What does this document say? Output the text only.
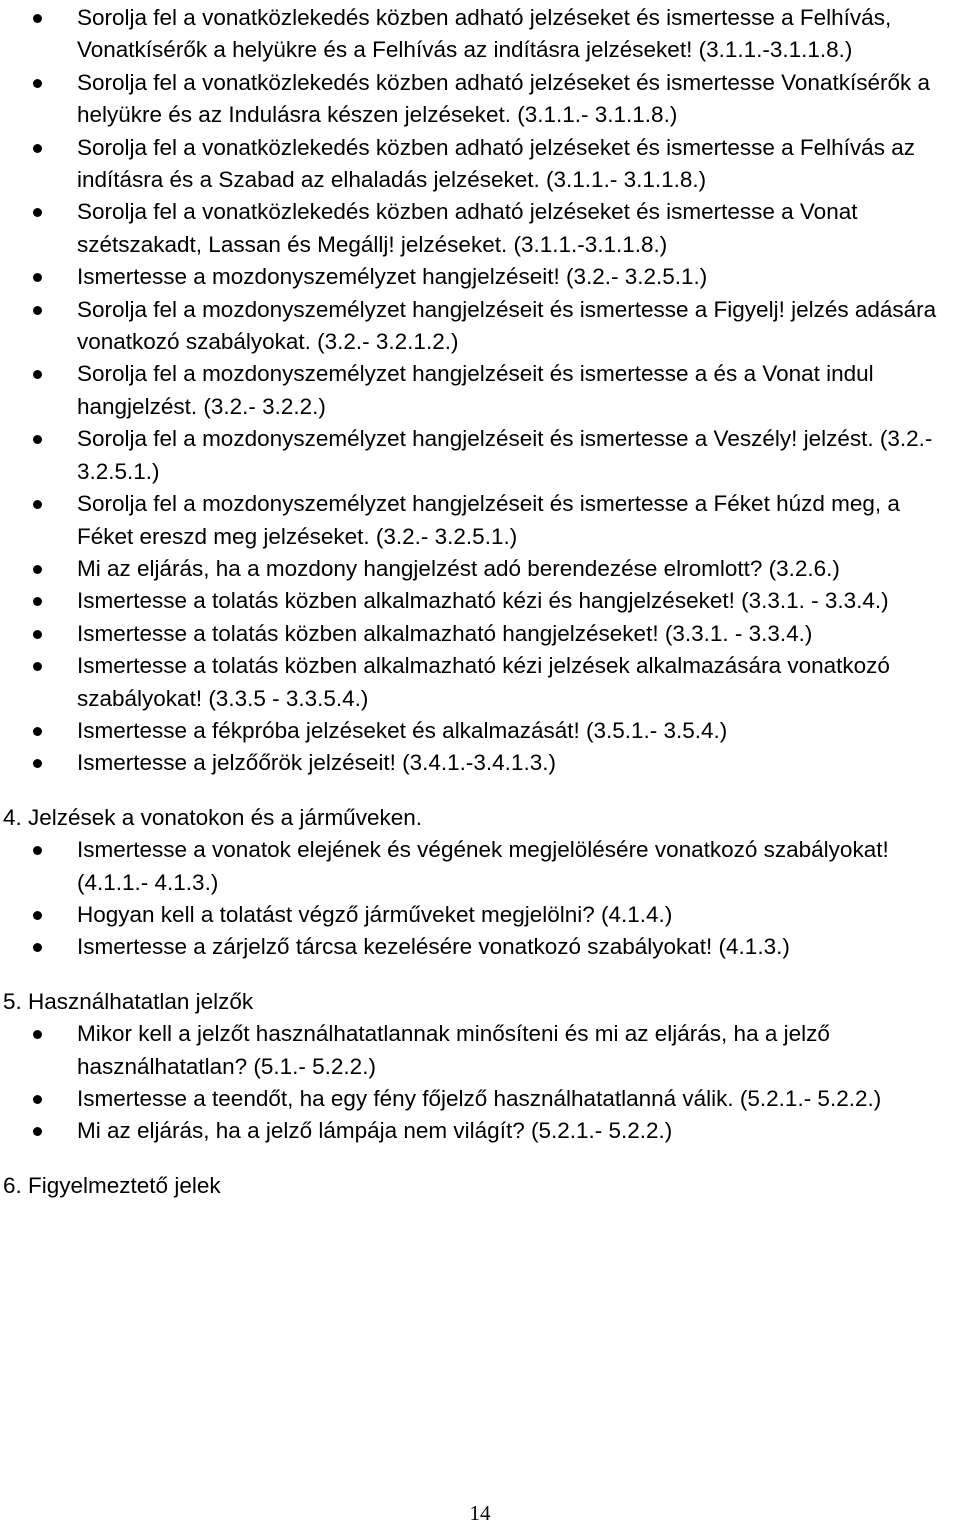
Sorolja fel a vonatközlekedés közben adható jelzéseket és ismertesse a Felhívás, Vonatkísérők a helyükre és a Felhívás az indításra jelzéseket! (3.1.1.-3.1.1.8.)
Sorolja fel a vonatközlekedés közben adható jelzéseket és ismertesse Vonatkísérők a helyükre és az Indulásra készen jelzéseket. (3.1.1.- 3.1.1.8.)
Sorolja fel a vonatközlekedés közben adható jelzéseket és ismertesse a Felhívás az indításra és a Szabad az elhaladás jelzéseket. (3.1.1.- 3.1.1.8.)
Sorolja fel a vonatközlekedés közben adható jelzéseket és ismertesse a Vonat szétszakadt, Lassan és Megállj! jelzéseket. (3.1.1.-3.1.1.8.)
Ismertesse a mozdonyszemélyzet hangjelzéseit! (3.2.- 3.2.5.1.)
Sorolja fel a mozdonyszemélyzet hangjelzéseit és ismertesse a Figyelj! jelzés adására vonatkozó szabályokat. (3.2.- 3.2.1.2.)
Sorolja fel a mozdonyszemélyzet hangjelzéseit és ismertesse a és a Vonat indul hangjelzést. (3.2.- 3.2.2.)
Sorolja fel a mozdonyszemélyzet hangjelzéseit és ismertesse a Veszély! jelzést. (3.2.- 3.2.5.1.)
Sorolja fel a mozdonyszemélyzet hangjelzéseit és ismertesse a Féket húzd meg, a Féket ereszd meg jelzéseket. (3.2.- 3.2.5.1.)
Mi az eljárás, ha a mozdony hangjelzést adó berendezése elromlott? (3.2.6.)
Ismertesse a tolatás közben alkalmazható kézi és hangjelzéseket! (3.3.1. - 3.3.4.)
Ismertesse a tolatás közben alkalmazható hangjelzéseket! (3.3.1. - 3.3.4.)
Ismertesse a tolatás közben alkalmazható kézi jelzések alkalmazására vonatkozó szabályokat! (3.3.5 - 3.3.5.4.)
Ismertesse a fékpróba jelzéseket és alkalmazását! (3.5.1.- 3.5.4.)
Ismertesse a jelzőőrök jelzéseit! (3.4.1.-3.4.1.3.)
4. Jelzések a vonatokon és a járműveken.
Ismertesse a vonatok elejének és végének megjelölésére vonatkozó szabályokat! (4.1.1.- 4.1.3.)
Hogyan kell a tolatást végző járműveket megjelölni? (4.1.4.)
Ismertesse a zárjelző tárcsa kezelésére vonatkozó szabályokat! (4.1.3.)
5. Használhatatlan jelzők
Mikor kell a jelzőt használhatatlannak minősíteni és mi az eljárás, ha a jelző használhatatlan? (5.1.- 5.2.2.)
Ismertesse a teendőt, ha egy fény főjelző használhatatlanná válik. (5.2.1.- 5.2.2.)
Mi az eljárás, ha a jelző lámpája nem világít? (5.2.1.- 5.2.2.)
6. Figyelmeztető jelek
14
